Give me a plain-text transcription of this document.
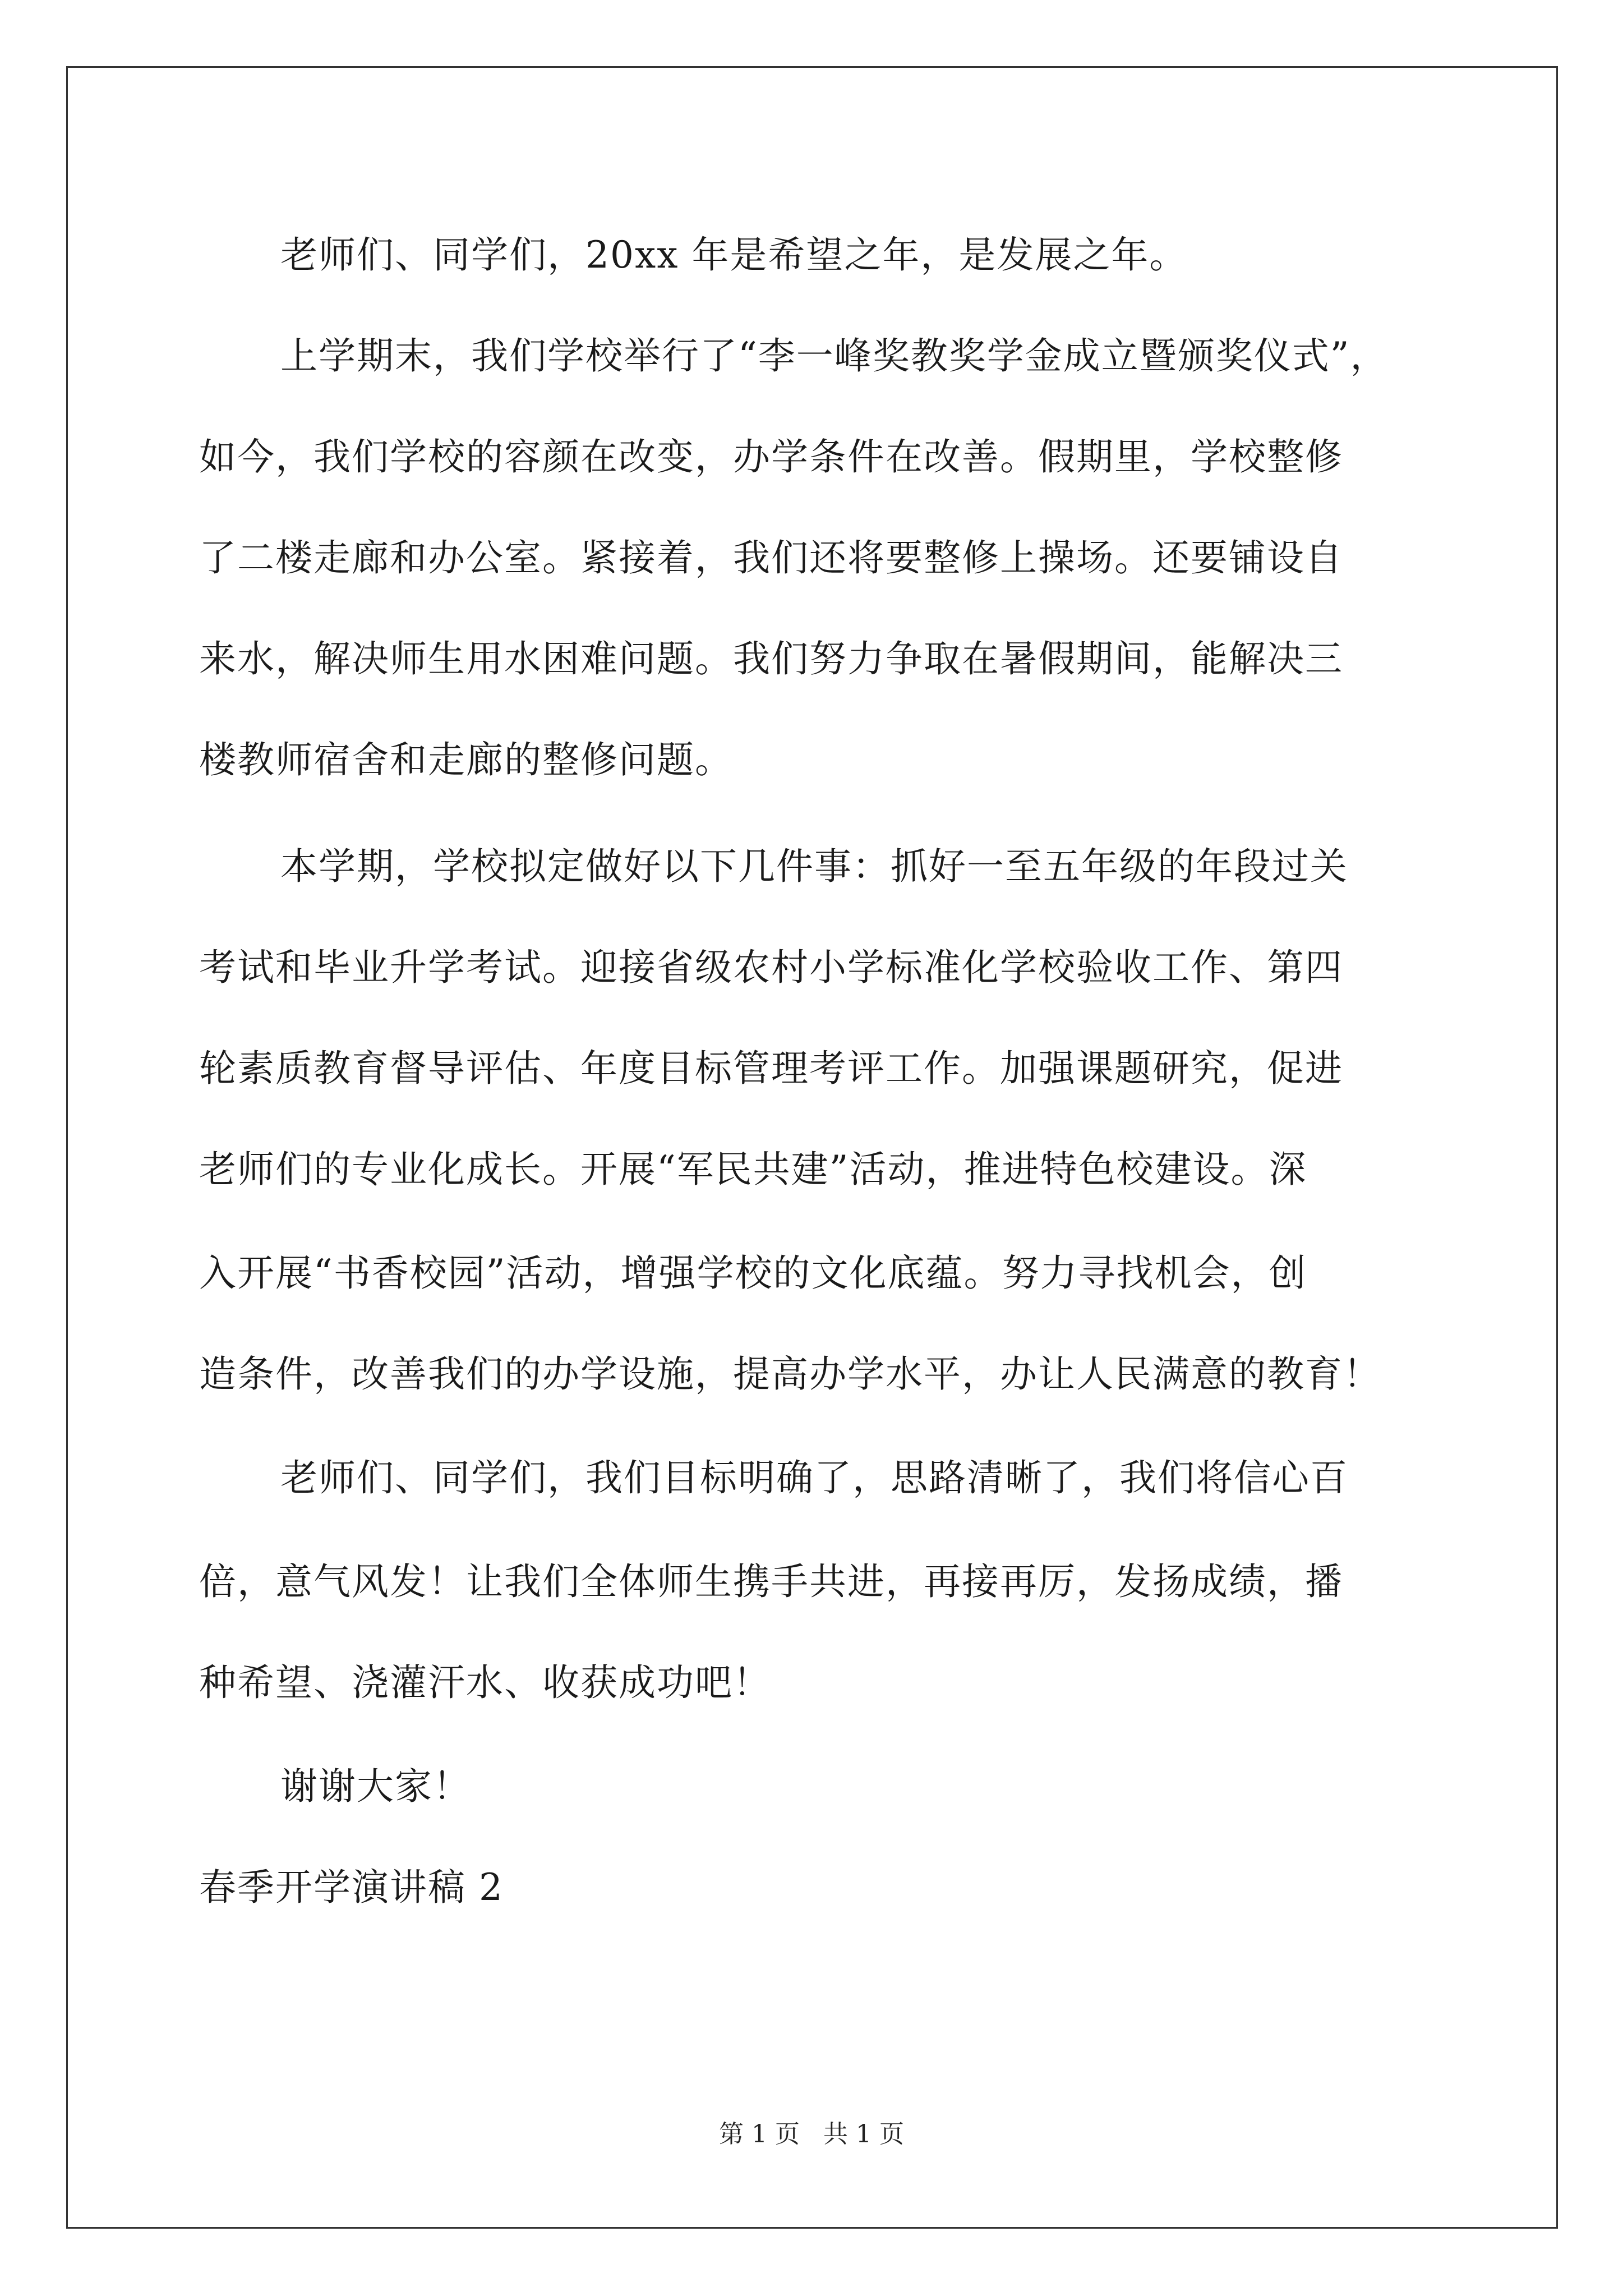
老师们、同学们，20xx 年是希望之年，是发展之年。
上学期末，我们学校举行了“李一峰奖教奖学金成立暨颁奖仪式”，
如今，我们学校的容颜在改变，办学条件在改善。假期里，学校整修
了二楼走廊和办公室。紧接着，我们还将要整修上操场。还要铺设自
来水，解决师生用水困难问题。我们努力争取在暑假期间，能解决三
楼教师宿舍和走廊的整修问题。
本学期，学校拟定做好以下几件事：抓好一至五年级的年段过关
考试和毕业升学考试。迎接省级农村小学标准化学校验收工作、第四
轮素质教育督导评估、年度目标管理考评工作。加强课题研究，促进
老师们的专业化成长。开展“军民共建”活动，推进特色校建设。深
入开展“书香校园”活动，增强学校的文化底蕴。努力寻找机会，创
造条件，改善我们的办学设施，提高办学水平，办让人民满意的教育！
老师们、同学们，我们目标明确了，思路清晰了，我们将信心百
倍，意气风发！让我们全体师生携手共进，再接再厉，发扬成绩，播
种希望、浇灌汗水、收获成功吧！
谢谢大家！
春季开学演讲稿 2
第 1 页   共 1 页
